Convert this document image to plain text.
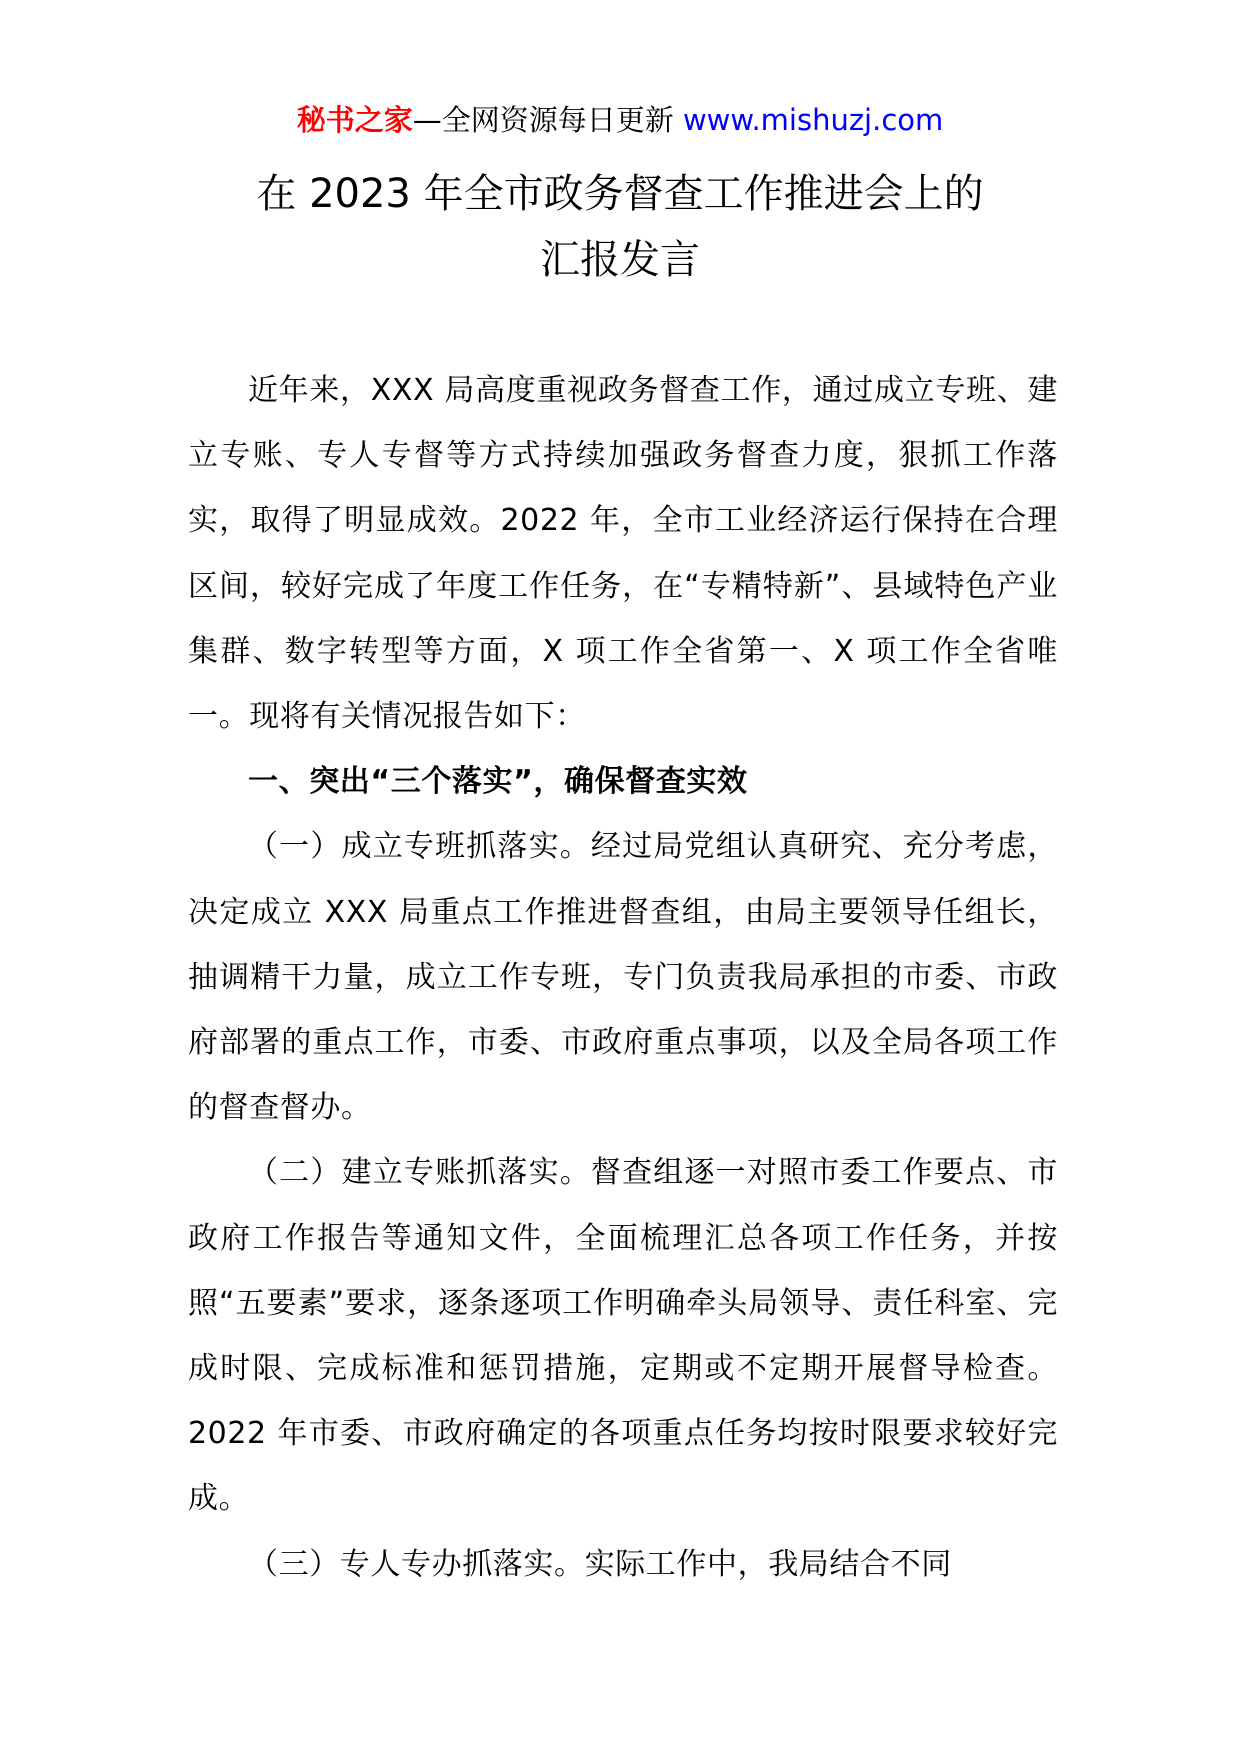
秘书之家—全网资源每日更新 www.mishuzj.com
在 2023 年全市政务督查工作推进会上的
汇报发言

近年来，XXX 局高度重视政务督查工作，通过成立专班、建立专账、专人专督等方式持续加强政务督查力度，狠抓工作落实，取得了明显成效。2022 年，全市工业经济运行保持在合理区间，较好完成了年度工作任务，在“专精特新”、县域特色产业集群、数字转型等方面，X 项工作全省第一、X 项工作全省唯一。现将有关情况报告如下：

一、突出“三个落实”，确保督查实效

（一）成立专班抓落实。经过局党组认真研究、充分考虑，决定成立 XXX 局重点工作推进督查组，由局主要领导任组长，抽调精干力量，成立工作专班，专门负责我局承担的市委、市政府部署的重点工作，市委、市政府重点事项，以及全局各项工作的督查督办。

（二）建立专账抓落实。督查组逐一对照市委工作要点、市政府工作报告等通知文件，全面梳理汇总各项工作任务，并按照“五要素”要求，逐条逐项工作明确牵头局领导、责任科室、完成时限、完成标准和惩罚措施，定期或不定期开展督导检查。2022 年市委、市政府确定的各项重点任务均按时限要求较好完成。

（三）专人专办抓落实。实际工作中，我局结合不同
